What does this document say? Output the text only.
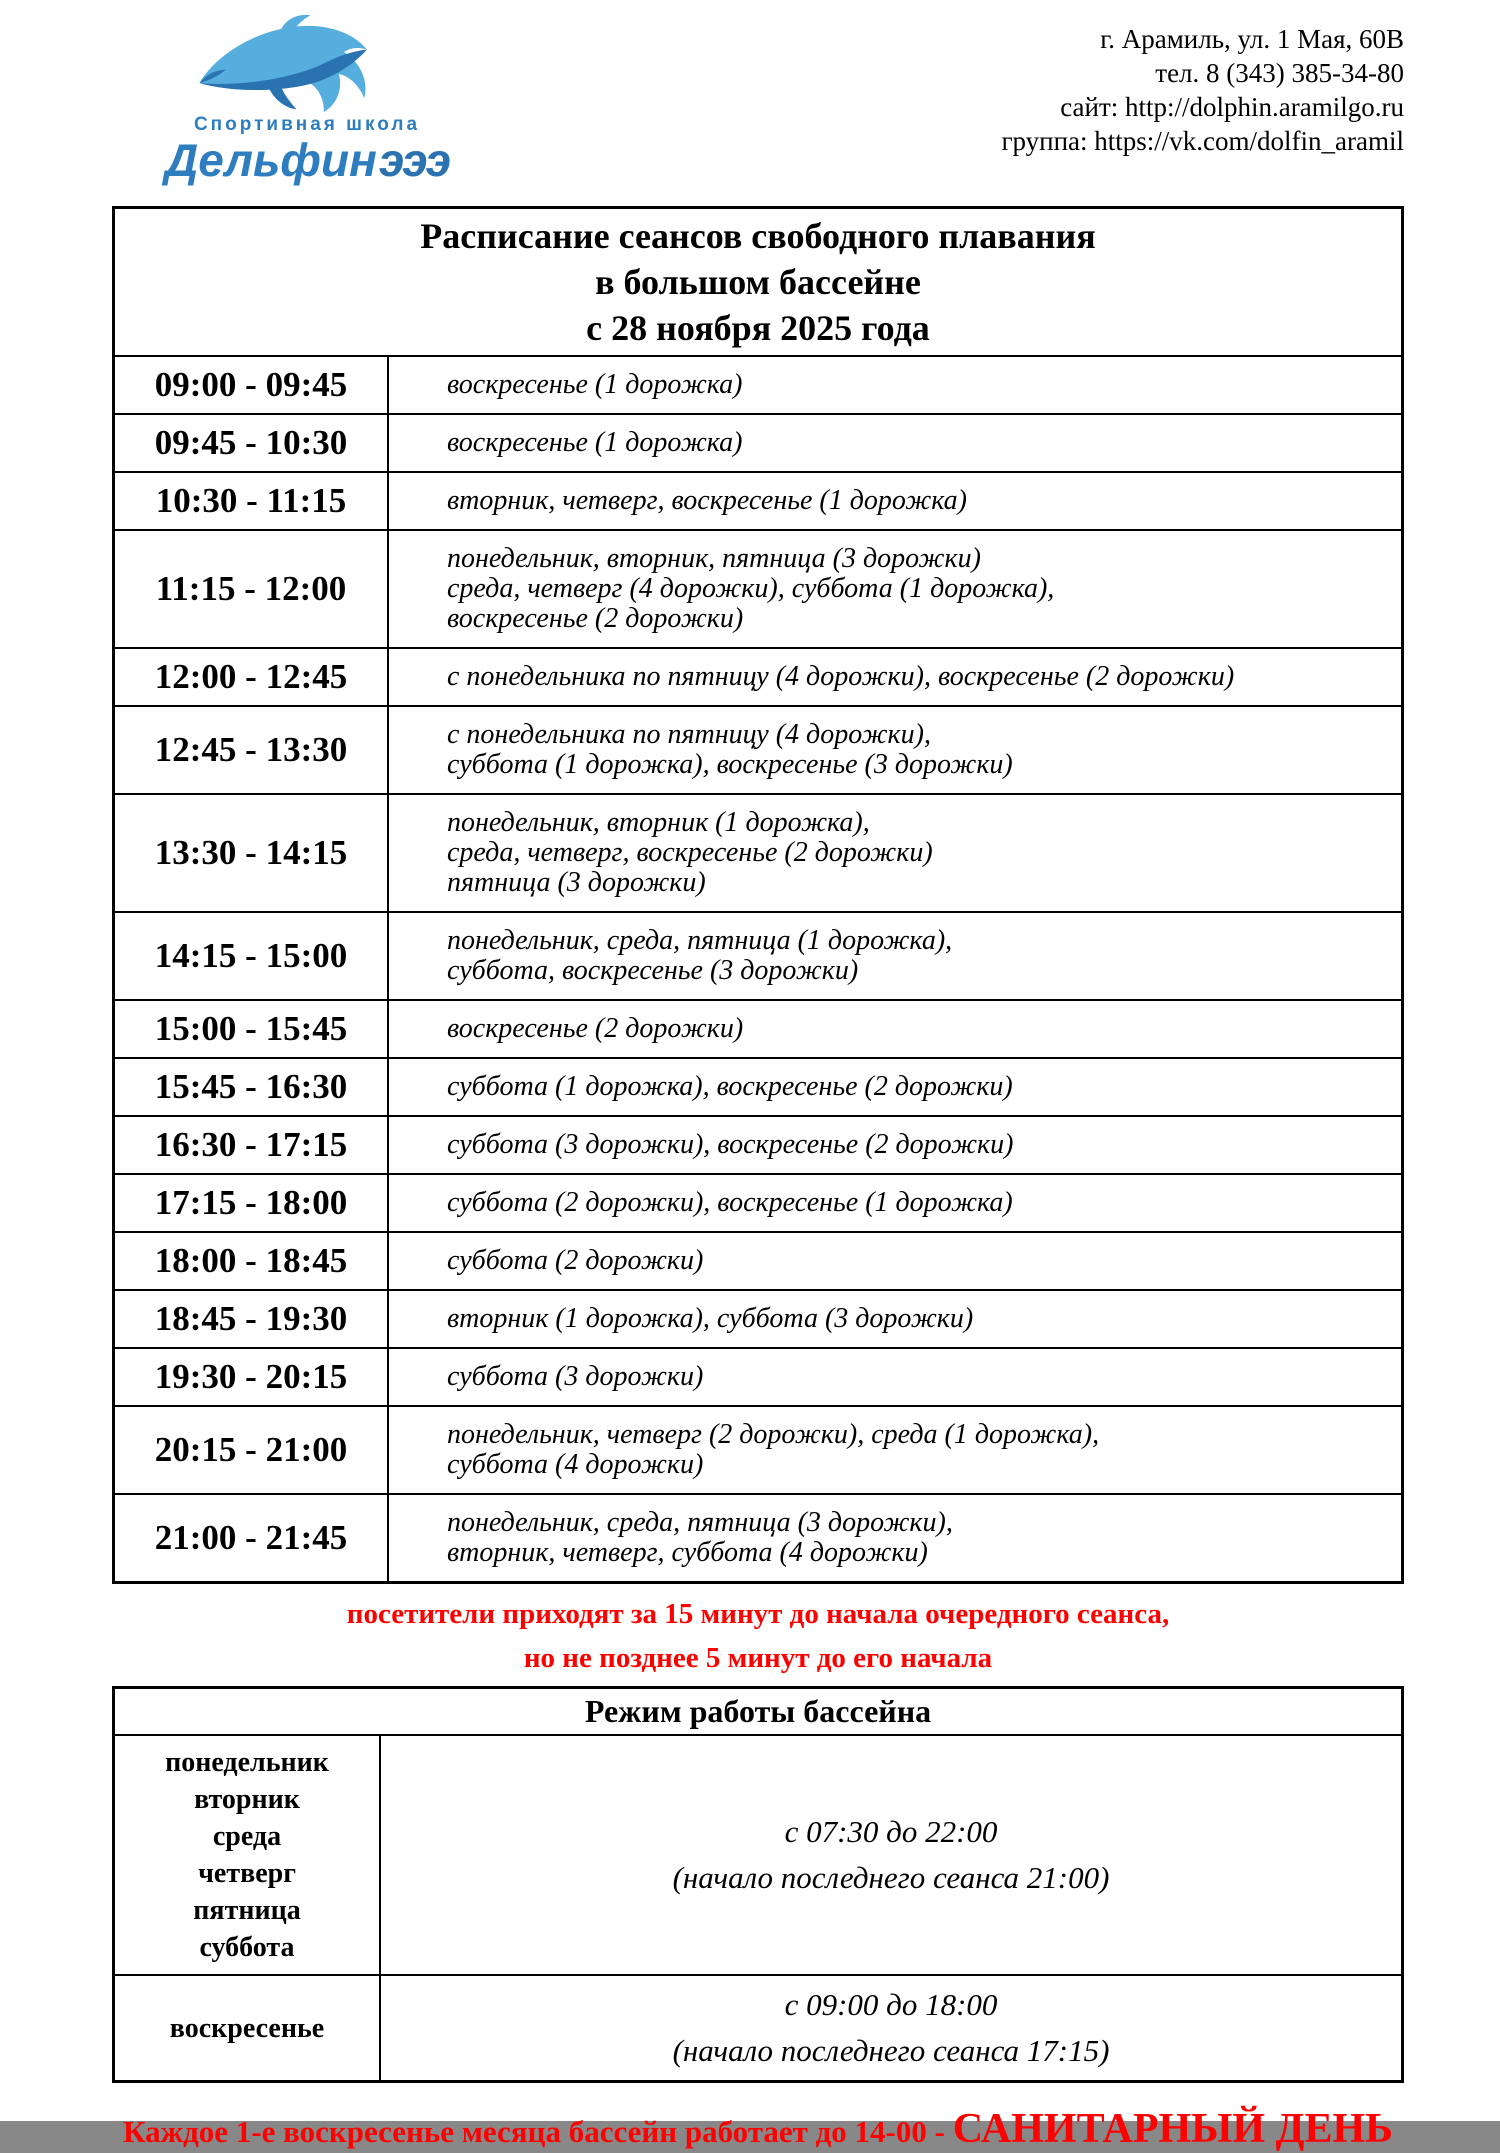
Спортивная школа
Дельфин эээ
г. Арамиль, ул. 1 Мая, 60В
тел. 8 (343) 385-34-80
сайт: http://dolphin.aramilgo.ru
группа: https://vk.com/dolfin_aramil
Расписание сеансов свободного плавания
в большом бассейне
с 28 ноября 2025 года	

09:00 - 09:45	воскресенье (1 дорожка)

09:45 - 10:30	воскресенье (1 дорожка)

10:30 - 11:15	вторник, четверг, воскресенье (1 дорожка)

11:15 - 12:00	понедельник, вторник, пятница (3 дорожки)
среда, четверг (4 дорожки), суббота (1 дорожка),
воскресенье (2 дорожки)

12:00 - 12:45	с понедельника по пятницу (4 дорожки), воскресенье (2 дорожки)

12:45 - 13:30	с понедельника по пятницу (4 дорожки),
суббота (1 дорожка), воскресенье (3 дорожки)

13:30 - 14:15	понедельник, вторник (1 дорожка),
среда, четверг, воскресенье (2 дорожки)
пятница (3 дорожки)

14:15 - 15:00	понедельник, среда, пятница (1 дорожка),
суббота, воскресенье (3 дорожки)

15:00 - 15:45	воскресенье (2 дорожки)

15:45 - 16:30	суббота (1 дорожка), воскресенье (2 дорожки)

16:30 - 17:15	суббота (3 дорожки), воскресенье (2 дорожки)

17:15 - 18:00	суббота (2 дорожки), воскресенье (1 дорожка)

18:00 - 18:45	суббота (2 дорожки)

18:45 - 19:30	вторник (1 дорожка), суббота (3 дорожки)

19:30 - 20:15	суббота (3 дорожки)

20:15 - 21:00	понедельник, четверг (2 дорожки), среда (1 дорожка),
суббота (4 дорожки)

21:00 - 21:45	понедельник, среда, пятница (3 дорожки),
вторник, четверг, суббота (4 дорожки)
посетители приходят за 15 минут до начала очередного сеанса,
но не позднее 5 минут до его начала
Режим работы бассейна	

понедельник
вторник
среда
четверг
пятница
суббота

с 07:30 до 22:00
(начало последнего сеанса 21:00)

воскресенье	с 09:00 до 18:00
(начало последнего сеанса 17:15)
Каждое 1-е воскресенье месяца бассейн работает до 14-00 - САНИТАРНЫЙ ДЕНЬ
